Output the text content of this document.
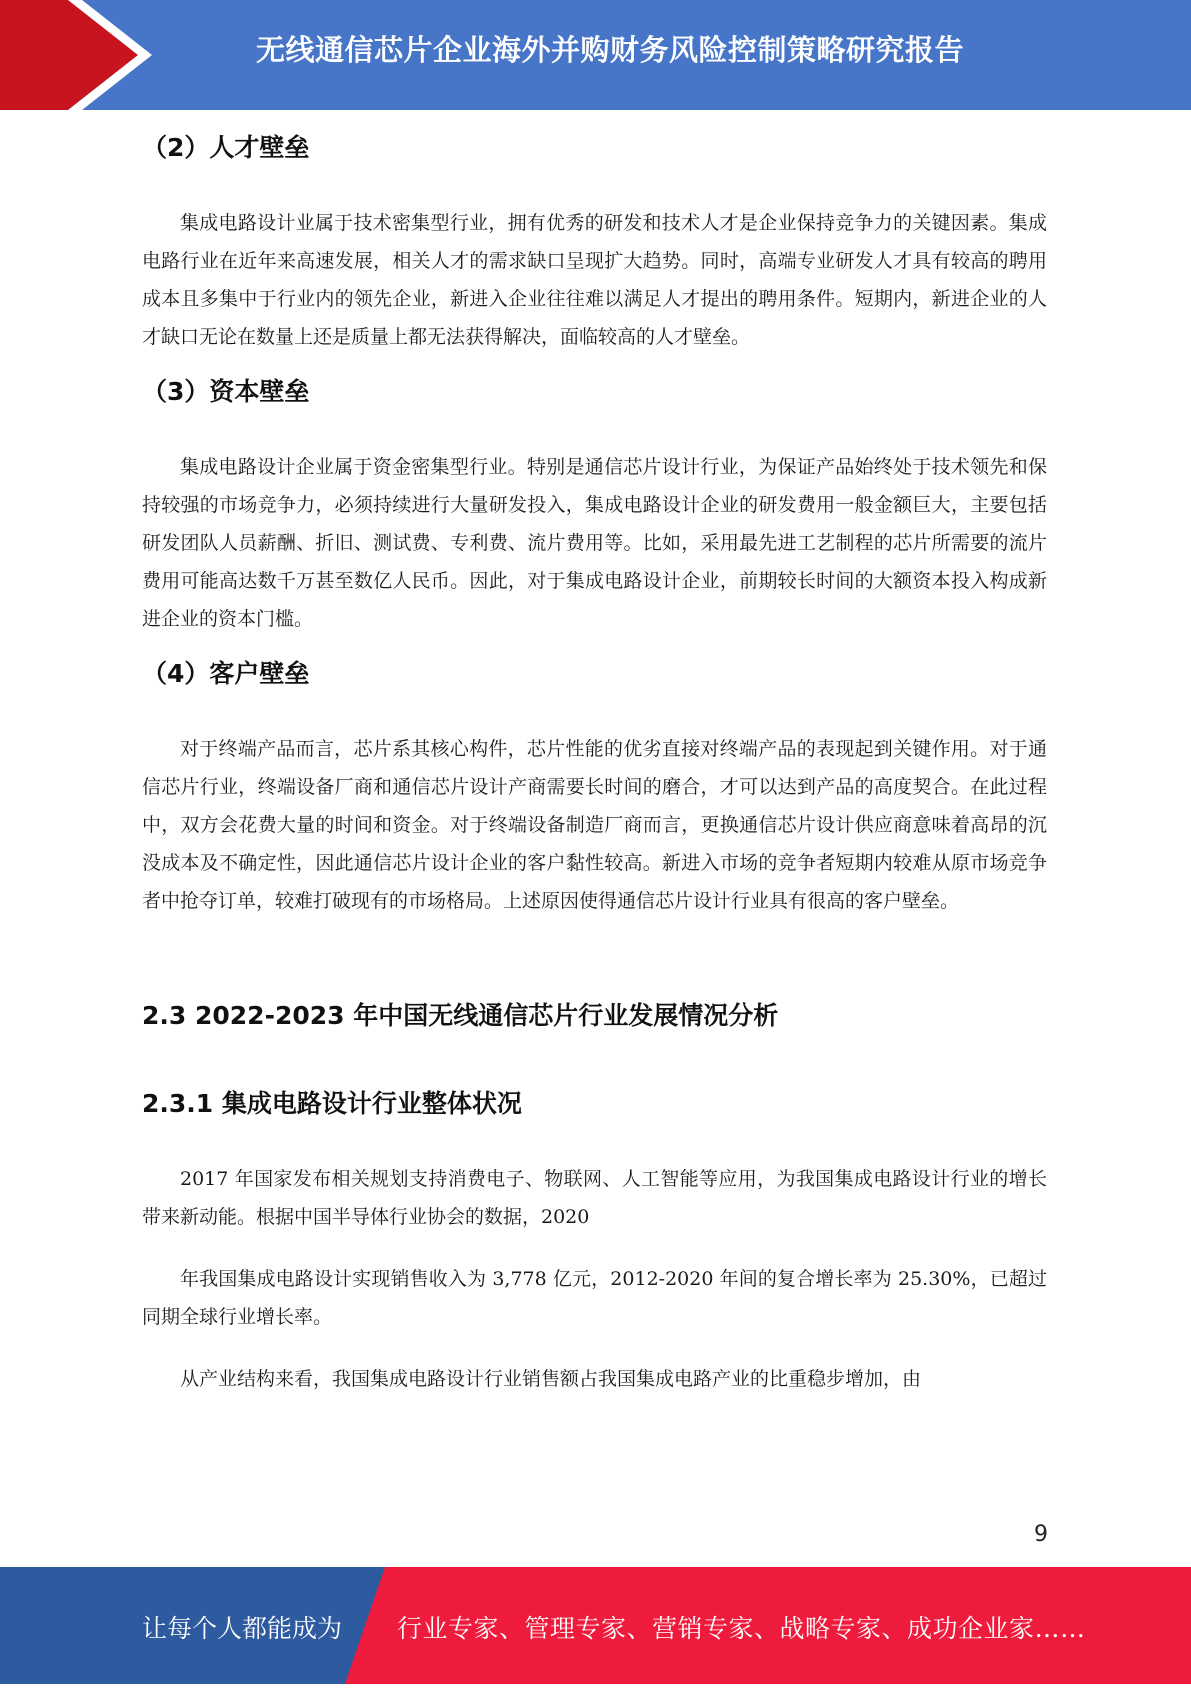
无线通信芯片企业海外并购财务风险控制策略研究报告
（2）人才壁垒

集成电路设计业属于技术密集型行业，拥有优秀的研发和技术人才是企业保持竞争力的关键因素。集成电路行业在近年来高速发展，相关人才的需求缺口呈现扩大趋势。同时，高端专业研发人才具有较高的聘用成本且多集中于行业内的领先企业，新进入企业往往难以满足人才提出的聘用条件。短期内，新进企业的人才缺口无论在数量上还是质量上都无法获得解决，面临较高的人才壁垒。

（3）资本壁垒

集成电路设计企业属于资金密集型行业。特别是通信芯片设计行业，为保证产品始终处于技术领先和保持较强的市场竞争力，必须持续进行大量研发投入，集成电路设计企业的研发费用一般金额巨大，主要包括研发团队人员薪酬、折旧、测试费、专利费、流片费用等。比如，采用最先进工艺制程的芯片所需要的流片费用可能高达数千万甚至数亿人民币。因此，对于集成电路设计企业，前期较长时间的大额资本投入构成新进企业的资本门槛。

（4）客户壁垒

对于终端产品而言，芯片系其核心构件，芯片性能的优劣直接对终端产品的表现起到关键作用。对于通信芯片行业，终端设备厂商和通信芯片设计产商需要长时间的磨合，才可以达到产品的高度契合。在此过程中，双方会花费大量的时间和资金。对于终端设备制造厂商而言，更换通信芯片设计供应商意味着高昂的沉没成本及不确定性，因此通信芯片设计企业的客户黏性较高。新进入市场的竞争者短期内较难从原市场竞争者中抢夺订单，较难打破现有的市场格局。上述原因使得通信芯片设计行业具有很高的客户壁垒。

2.3 2022-2023 年中国无线通信芯片行业发展情况分析
2.3.1 集成电路设计行业整体状况

2017 年国家发布相关规划支持消费电子、物联网、人工智能等应用，为我国集成电路设计行业的增长带来新动能。根据中国半导体行业协会的数据，2020

年我国集成电路设计实现销售收入为 3,778 亿元，2012-2020 年间的复合增长率为 25.30%，已超过同期全球行业增长率。

从产业结构来看，我国集成电路设计行业销售额占我国集成电路产业的比重稳步增加，由

9
让每个人都能成为 行业专家、管理专家、营销专家、战略专家、成功企业家……
